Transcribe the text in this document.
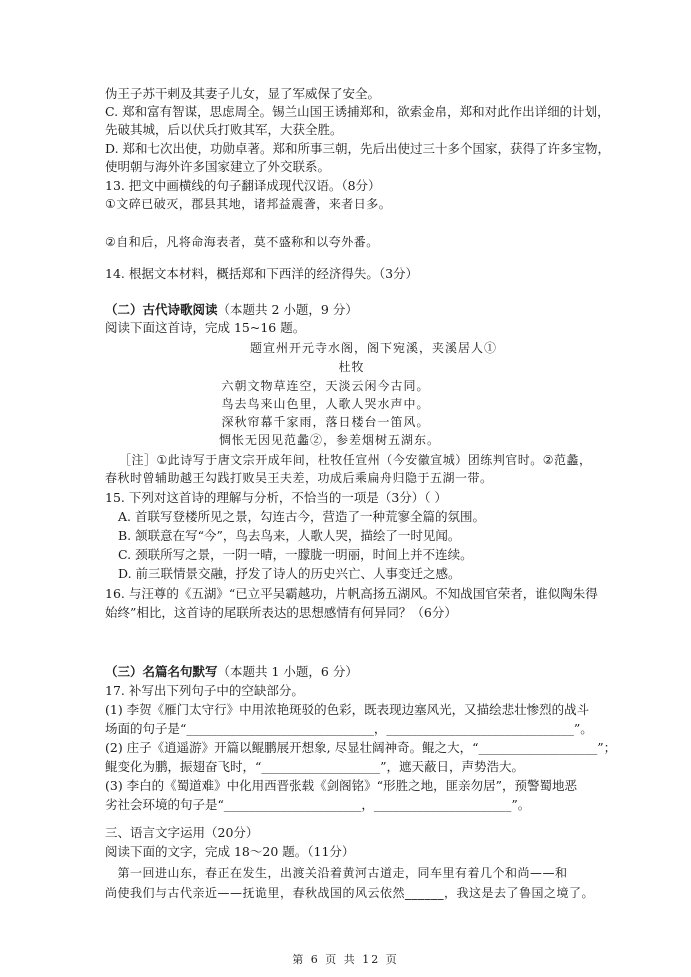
伪王子苏干剌及其妻子儿女，显了军威保了安全。
C. 郑和富有智谋，思虑周全。锡兰山国王诱捕郑和，欲索金帛，郑和对此作出详细的计划，
先破其城，后以伏兵打败其军，大获全胜。
D. 郑和七次出使，功勋卓著。郑和所事三朝，先后出使过三十多个国家，获得了许多宝物，
使明朝与海外许多国家建立了外交联系。
13. 把文中画横线的句子翻译成现代汉语。（8分）
①文碎已破灭，郡县其地，诸邦益震詟，来者日多。
②自和后，凡将命海表者，莫不盛称和以夸外番。
14. 根据文本材料，概括郑和下西洋的经济得失。（3分）
（二）古代诗歌阅读（本题共 2 小题，9 分）
阅读下面这首诗，完成 15~16 题。
题宣州开元寺水阁，阁下宛溪，夹溪居人①
杜牧
六朝文物草连空，天淡云闲今古同。
鸟去鸟来山色里，人歌人哭水声中。
深秋帘幕千家雨，落日楼台一笛风。
惆怅无因见范蠡②，参差烟树五湖东。
［注］①此诗写于唐文宗开成年间，杜牧任宣州（今安徽宣城）团练判官时。②范蠡，
春秋时曾辅助越王勾践打败吴王夫差，功成后乘扁舟归隐于五湖一带。
15. 下列对这首诗的理解与分析，不恰当的一项是（3分）（ ）
A. 首联写登楼所见之景，勾连古今，营造了一种荒寥全篇的氛围。
B. 颔联意在写“今”，鸟去鸟来，人歌人哭，描绘了一时见闻。
C. 颈联所写之景，一阴一晴，一朦胧一明丽，时间上并不连续。
D. 前三联情景交融，抒发了诗人的历史兴亡、人事变迁之感。
16. 与汪尊的《五湖》“已立平吴霸越功，片帆高扬五湖风。不知战国官荣者，谁似陶朱得
始终”相比，这首诗的尾联所表达的思想感情有何异同？（6分）
（三）名篇名句默写（本题共 1 小题，6 分）
17. 补写出下列句子中的空缺部分。
(1) 李贺《雁门太守行》中用浓艳斑驳的色彩，既表现边塞风光，又描绘悲壮惨烈的战斗
场面的句子是“______________________________，______________________________”。
(2) 庄子《逍遥游》开篇以鲲鹏展开想象, 尽显壮阔神奇。鲲之大，“___________________”；
鲲变化为鹏，振翅奋飞时，“___________________”，遮天蔽日，声势浩大。
(3) 李白的《蜀道难》中化用西晋张载《剑阁铭》“形胜之地，匪亲勿居”，预警蜀地恶
劣社会环境的句子是“______________________，______________________”。
三、语言文字运用（20分）
阅读下面的文字，完成 18～20 题。（11分）
　第一回进山东，春正在发生，出渡关沿着黄河古道走，同车里有着几个和尚——和
尚使我们与古代亲近——抚诡里，春秋战国的风云依然______，我这是去了鲁国之境了。
第 6 页 共 12 页
